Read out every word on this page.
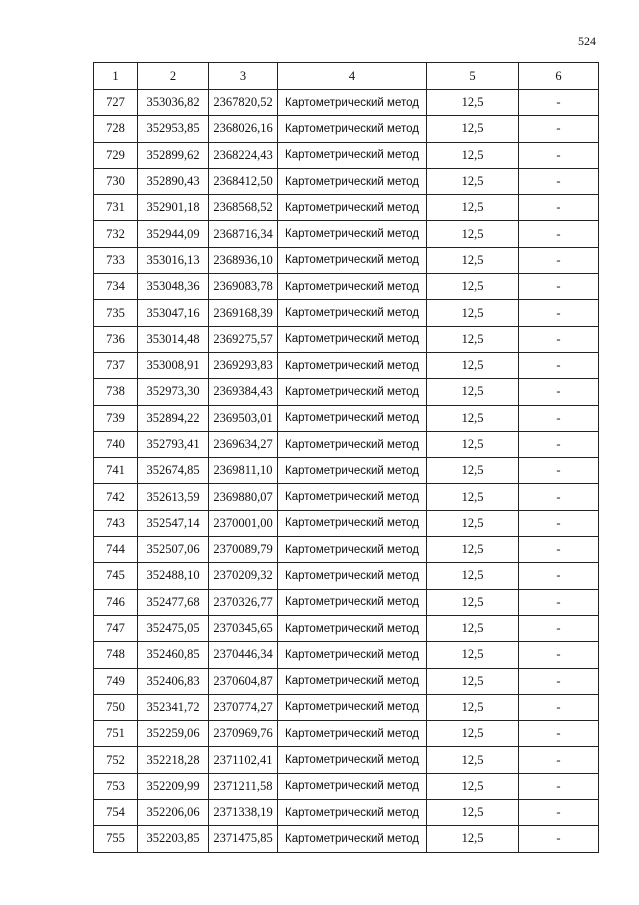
524
1	2	3	4	5	6
727	353036,82	2367820,52	Картометрический метод	12,5	-
728	352953,85	2368026,16	Картометрический метод	12,5	-
729	352899,62	2368224,43	Картометрический метод	12,5	-
730	352890,43	2368412,50	Картометрический метод	12,5	-
731	352901,18	2368568,52	Картометрический метод	12,5	-
732	352944,09	2368716,34	Картометрический метод	12,5	-
733	353016,13	2368936,10	Картометрический метод	12,5	-
734	353048,36	2369083,78	Картометрический метод	12,5	-
735	353047,16	2369168,39	Картометрический метод	12,5	-
736	353014,48	2369275,57	Картометрический метод	12,5	-
737	353008,91	2369293,83	Картометрический метод	12,5	-
738	352973,30	2369384,43	Картометрический метод	12,5	-
739	352894,22	2369503,01	Картометрический метод	12,5	-
740	352793,41	2369634,27	Картометрический метод	12,5	-
741	352674,85	2369811,10	Картометрический метод	12,5	-
742	352613,59	2369880,07	Картометрический метод	12,5	-
743	352547,14	2370001,00	Картометрический метод	12,5	-
744	352507,06	2370089,79	Картометрический метод	12,5	-
745	352488,10	2370209,32	Картометрический метод	12,5	-
746	352477,68	2370326,77	Картометрический метод	12,5	-
747	352475,05	2370345,65	Картометрический метод	12,5	-
748	352460,85	2370446,34	Картометрический метод	12,5	-
749	352406,83	2370604,87	Картометрический метод	12,5	-
750	352341,72	2370774,27	Картометрический метод	12,5	-
751	352259,06	2370969,76	Картометрический метод	12,5	-
752	352218,28	2371102,41	Картометрический метод	12,5	-
753	352209,99	2371211,58	Картометрический метод	12,5	-
754	352206,06	2371338,19	Картометрический метод	12,5	-
755	352203,85	2371475,85	Картометрический метод	12,5	-
